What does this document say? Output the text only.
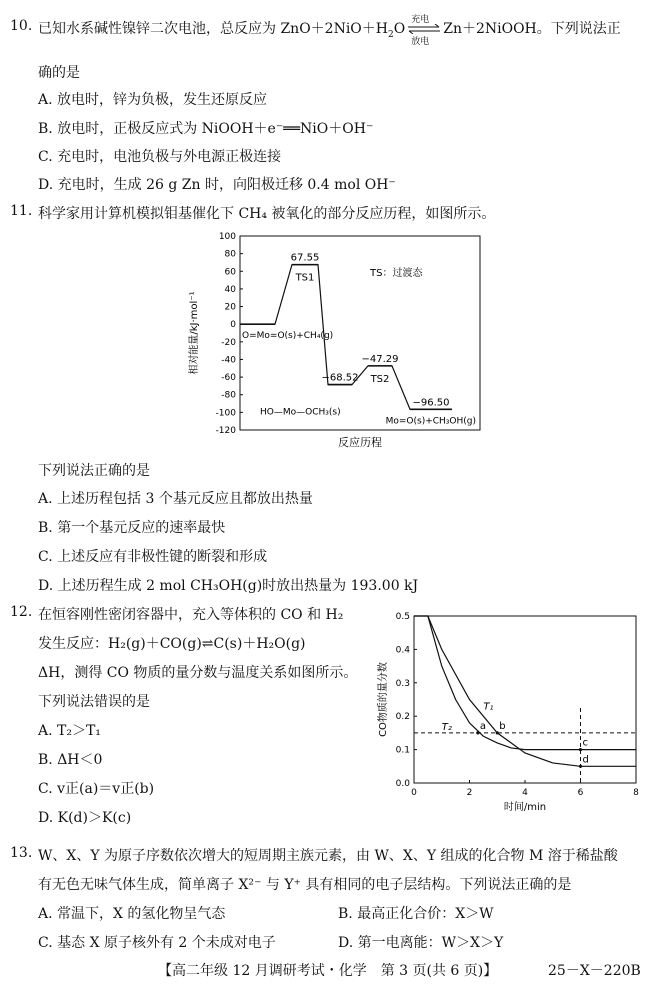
10. 已知水系碱性镍锌二次电池，总反应为 $ZnO+2NiO+H_2O$
充电
放电
Zn＋2NiOOH。下列说法正
确的是
A. 放电时，锌为负极，发生还原反应
B. 放电时，正极反应式为 NiOOH＋e⁻══NiO＋OH⁻
C. 充电时，电池负极与外电源正极连接
D. 充电时，生成 26 g Zn 时，向阳极迁移 0.4 mol OH⁻
11. 科学家用计算机模拟钼基催化下 CH₄ 被氧化的部分反应历程，如图所示。
100
80
60
40
20
0
-20
-40
-60
-80
-100
-120
相对能量/kJ·mol⁻¹
反应历程
TS：过渡态
67.55
−68.52
−47.29
−96.50
O=Mo=O(s)+CH₄(g)
TS1
HO—Mo—OCH₃(s)
TS2
Mo=O(s)+CH₃OH(g)
下列说法正确的是
A. 上述历程包括 3 个基元反应且都放出热量
B. 第一个基元反应的速率最快
C. 上述反应有非极性键的断裂和形成
D. 上述历程生成 2 mol CH₃OH(g)时放出热量为 193.00 kJ
12. 在恒容刚性密闭容器中，充入等体积的 CO 和 H₂
发生反应：H₂(g)＋CO(g)⇌C(s)＋H₂O(g)
ΔH，测得 CO 物质的量分数与温度关系如图所示。
下列说法错误的是
A. T₂＞T₁
B. ΔH＜0
C. v正(a)＝v正(b)
D. K(d)＞K(c)
0	2	4	6	8
0.0
0.1
0.2
0.3
0.4
0.5
时间/min
CO物质的量分数	T₂
T₁
a b
c
d
13. W、X、Y 为原子序数依次增大的短周期主族元素，由 W、X、Y 组成的化合物 M 溶于稀盐酸
有无色无味气体生成，简单离子 X²⁻ 与 Y⁺ 具有相同的电子层结构。下列说法正确的是
A. 常温下，X 的氢化物呈气态	B. 最高正化合价：X＞W
C. 基态 X 原子核外有 2 个未成对电子	D. 第一电离能：W＞X＞Y
【高二年级 12 月调研考试・化学　第 3 页(共 6 页)】	25－X－220B
